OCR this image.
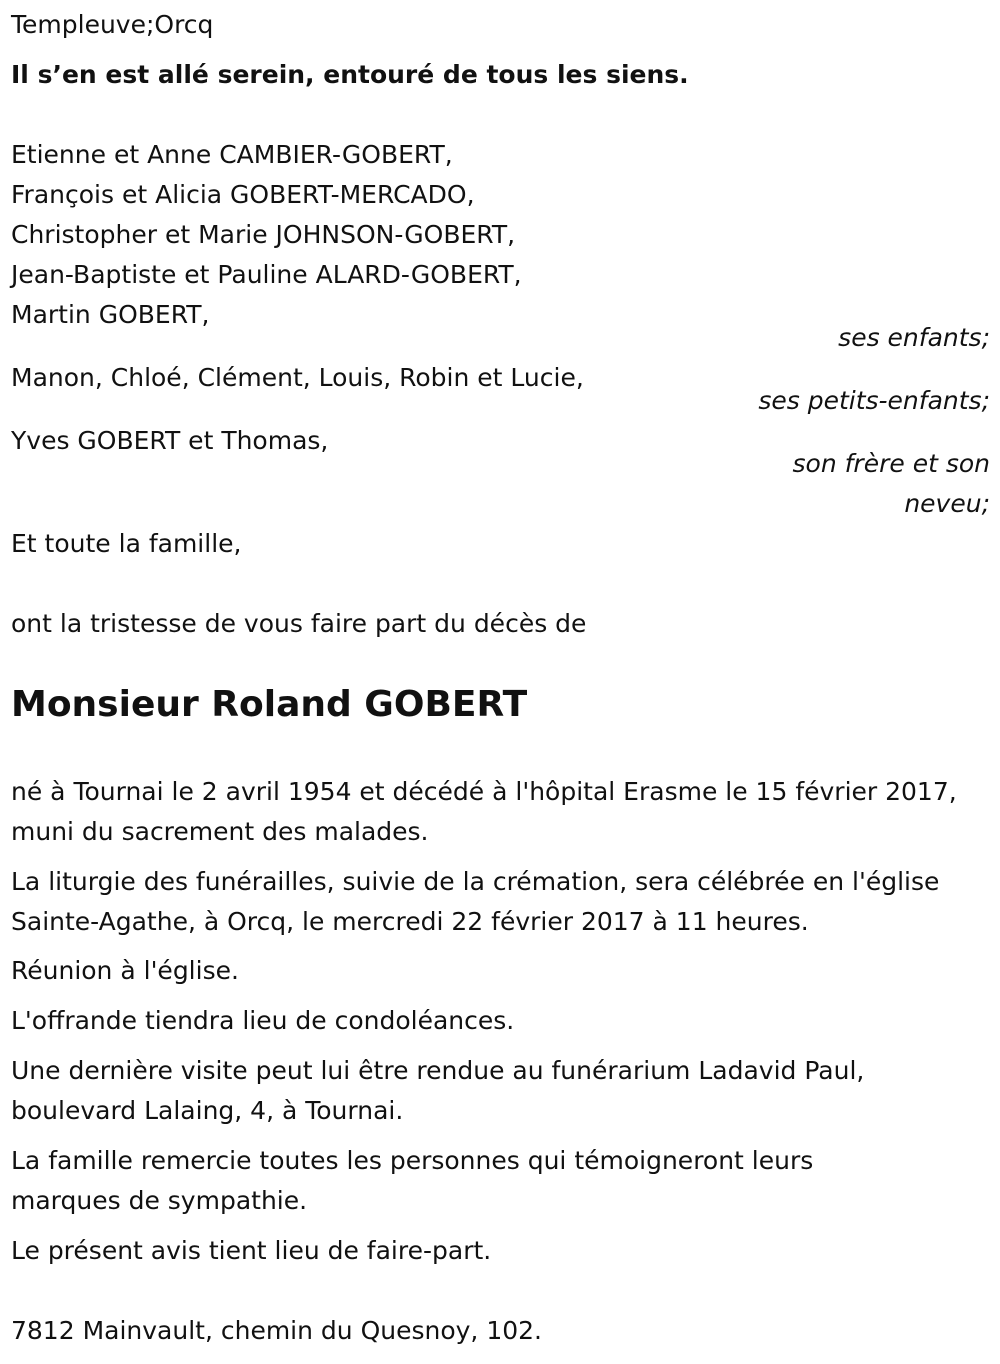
Templeuve;Orcq
Il s’en est allé serein, entouré de tous les siens.
Etienne et Anne CAMBIER-GOBERT,
François et Alicia GOBERT-MERCADO,
Christopher et Marie JOHNSON-GOBERT,
Jean-Baptiste et Pauline ALARD-GOBERT,
Martin GOBERT,
ses enfants;
Manon, Chloé, Clément, Louis, Robin et Lucie,
ses petits-enfants;
Yves GOBERT et Thomas,
son frère et son
neveu;
Et toute la famille,
ont la tristesse de vous faire part du décès de
Monsieur Roland GOBERT
né à Tournai le 2 avril 1954 et décédé à l'hôpital Erasme le 15 février 2017,
muni du sacrement des malades.
La liturgie des funérailles, suivie de la crémation, sera célébrée en l'église
Sainte-Agathe, à Orcq, le mercredi 22 février 2017 à 11 heures.
Réunion à l'église.
L'offrande tiendra lieu de condoléances.
Une dernière visite peut lui être rendue au funérarium Ladavid Paul,
boulevard Lalaing, 4, à Tournai.
La famille remercie toutes les personnes qui témoigneront leurs
marques de sympathie.
Le présent avis tient lieu de faire-part.
7812 Mainvault, chemin du Quesnoy, 102.
